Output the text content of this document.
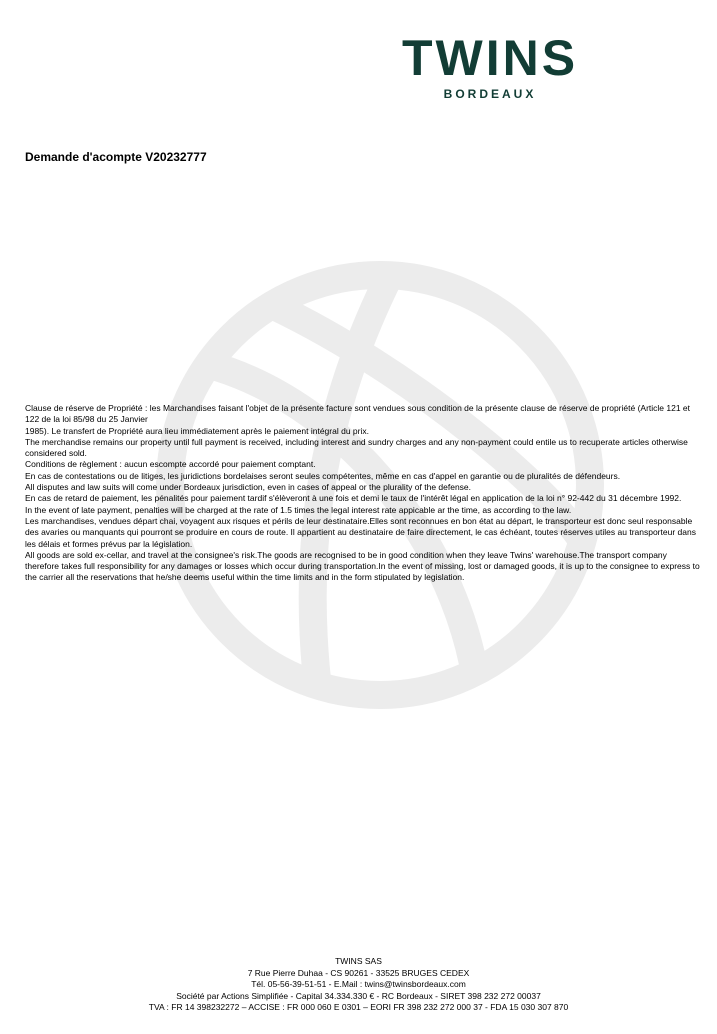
TWINS
BORDEAUX
Demande d'acompte V20232777

Clause de réserve de Propriété : les Marchandises faisant l'objet de la présente facture sont vendues sous condition de la présente clause de réserve de propriété (Article 121 et 122 de la loi 85/98 du 25 Janvier

1985). Le transfert de Propriété aura lieu immédiatement après le paiement intégral du prix.

The merchandise remains our property until full payment is received, including interest and sundry charges and any non-payment could entile us to recuperate articles otherwise considered sold.

Conditions de règlement : aucun escompte accordé pour paiement comptant.

En cas de contestations ou de litiges, les juridictions bordelaises seront seules compétentes, même en cas d'appel en garantie ou de pluralités de défendeurs.

All disputes and law suits will come under Bordeaux jurisdiction, even in cases of appeal or the plurality of the defense.

En cas de retard de paiement, les pénalités pour paiement tardif s'élèveront à une fois et demi le taux de l'intérêt légal en application de la loi n° 92-442 du 31 décembre 1992.

In the event of late payment, penalties will be charged at the rate of 1.5 times the legal interest rate appicable ar the time, as according to the law.

Les marchandises, vendues départ chai, voyagent aux risques et périls de leur destinataire.Elles sont reconnues en bon état au départ, le transporteur est donc seul responsable des avaries ou manquants qui pourront se produire en cours de route. Il appartient au destinataire de faire directement, le cas échéant, toutes réserves utiles au transporteur dans les délais et formes prévus par la législation.

All goods are sold ex-cellar, and travel at the consignee's risk.The goods are recognised to be in good condition when they leave Twins' warehouse.The transport company therefore takes full responsibility for any damages or losses which occur during transportation.In the event of missing, lost or damaged goods, it is up to the consignee to express to the carrier all the reservations that he/she deems useful within the time limits and in the form stipulated by legislation.

TWINS SAS
7 Rue Pierre Duhaa - CS 90261 - 33525 BRUGES CEDEX
Tél. 05-56-39-51-51 - E.Mail : twins@twinsbordeaux.com
Société par Actions Simplifiée - Capital 34.334.330 € - RC Bordeaux - SIRET 398 232 272 00037
TVA : FR 14 398232272 – ACCISE : FR 000 060 E 0301 – EORI FR 398 232 272 000 37 - FDA 15 030 307 870
